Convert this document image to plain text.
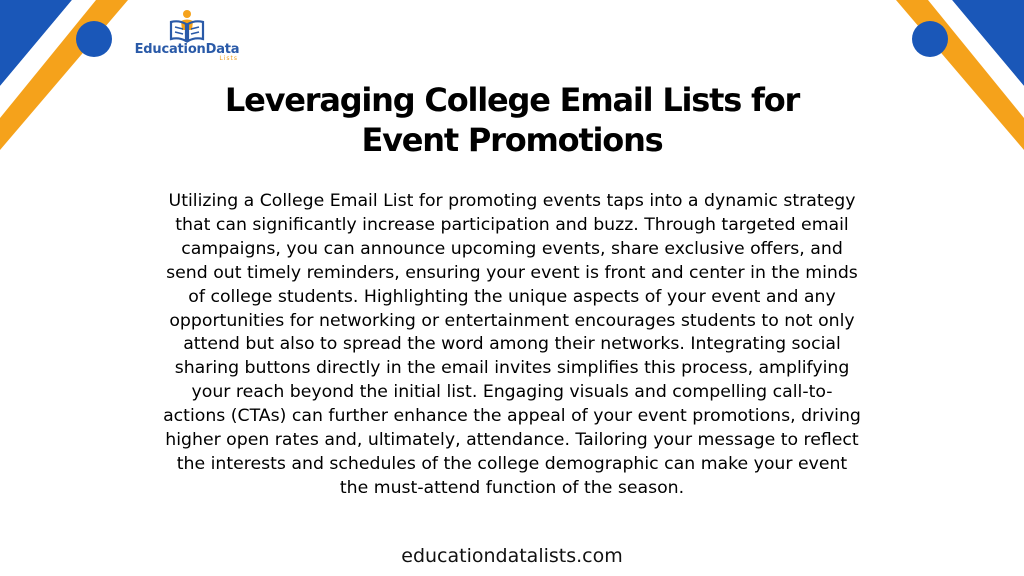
EducationData
Lists
Leveraging College Email Lists for
Event Promotions
Utilizing a College Email List for promoting events taps into a dynamic strategy
that can significantly increase participation and buzz. Through targeted email
campaigns, you can announce upcoming events, share exclusive offers, and
send out timely reminders, ensuring your event is front and center in the minds
of college students. Highlighting the unique aspects of your event and any
opportunities for networking or entertainment encourages students to not only
attend but also to spread the word among their networks. Integrating social
sharing buttons directly in the email invites simplifies this process, amplifying
your reach beyond the initial list. Engaging visuals and compelling call-to-
actions (CTAs) can further enhance the appeal of your event promotions, driving
higher open rates and, ultimately, attendance. Tailoring your message to reflect
the interests and schedules of the college demographic can make your event
the must-attend function of the season.
educationdatalists.com
